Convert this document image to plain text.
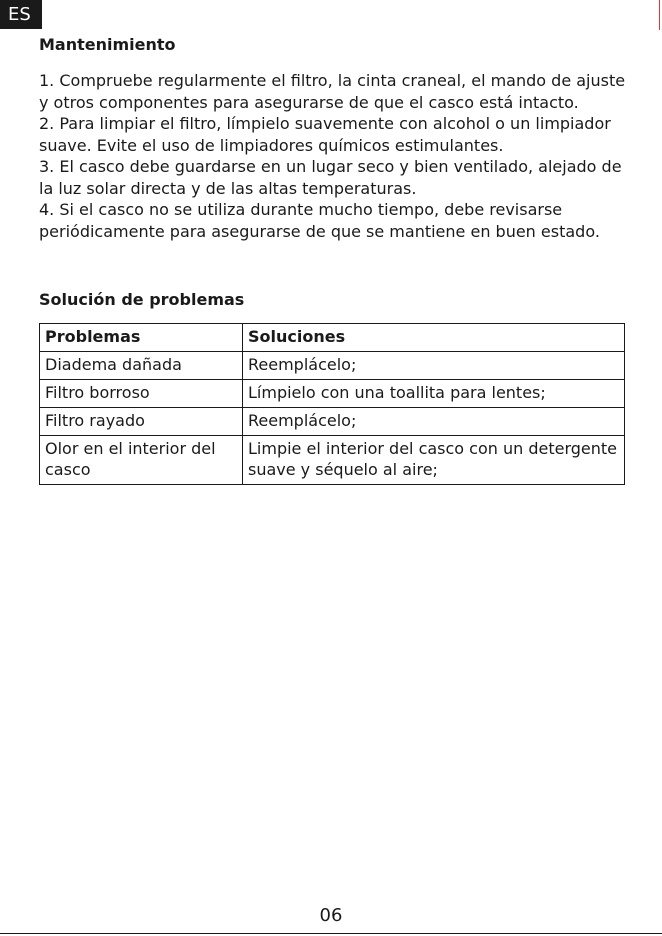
ES
Mantenimiento

1. Compruebe regularmente el filtro, la cinta craneal, el mando de ajuste y otros componentes para asegurarse de que el casco está intacto.

2. Para limpiar el filtro, límpielo suavemente con alcohol o un limpiador suave. Evite el uso de limpiadores químicos estimulantes.

3. El casco debe guardarse en un lugar seco y bien ventilado, alejado de la luz solar directa y de las altas temperaturas.

4. Si el casco no se utiliza durante mucho tiempo, debe revisarse periódicamente para asegurarse de que se mantiene en buen estado.

Solución de problemas
Problemas	Soluciones
Diadema dañada	Reemplácelo;
Filtro borroso	Límpielo con una toallita para lentes;
Filtro rayado	Reemplácelo;
Olor en el interior del casco	Limpie el interior del casco con un detergente suave y séquelo al aire;
06
